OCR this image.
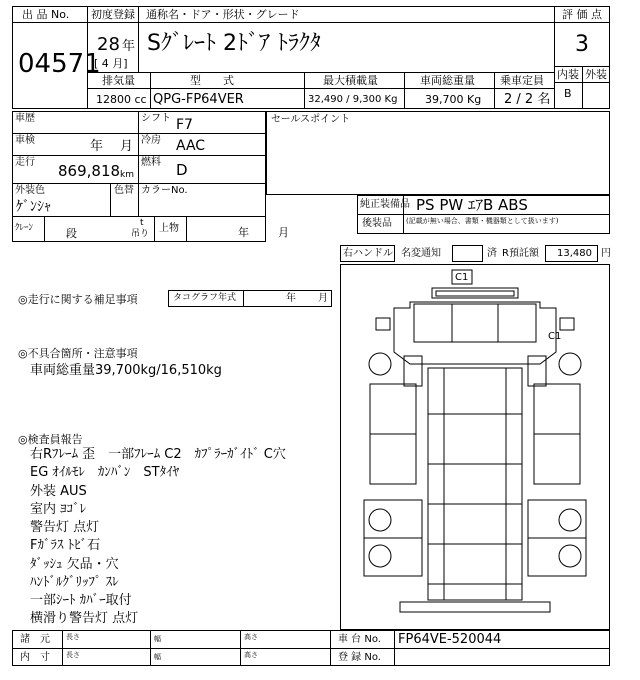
出 品 No.
04571
初度登録 通称名・ドア・形状・グレード
28 年
[ 4 月]
Sｸﾞﾚｰﾄ 2ﾄﾞｱ ﾄﾗｸﾀ
評 価 点
3
内装 外装
B
排気量	型　　式	最大積載量	車両総重量 乗車定員
12800 cc QPG-FP64VER	32,490 / 9,300 Kg	39,700 Kg 2 / 2 名
車歴	シフト F7
車検	年 月 冷房 AAC
走行 869,818 km
燃料 D
外装色
ｹﾞﾝｼｬ
色替 カラーNo.
ｸﾚｰﾝ	段
t
吊り 上物	年	月
セールスポイント
純正装備品 PS PW ｴｱB ABS
後装品 (記載が無い場合、書類・機器類として扱います)
右ハンドル 名変通知	済 R預託額 13,480 円
◎走行に関する補足事項	タコグラフ年式	年 月
◎不具合箇所・注意事項
車両総重量39,700kg/16,510kg
◎検査員報告
右Rﾌﾚｰﾑ 歪　一部ﾌﾚｰﾑ C2　ｶﾌﾟﾗｰｶﾞｲﾄﾞ C穴
EG ｵｲﾙﾓﾚ　ｶﾝﾊﾞﾝ　STﾀｲﾔ
外装 AUS
室内 ﾖｺﾞﾚ
警告灯 点灯
Fｶﾞﾗｽ ﾄﾋﾞ石
ﾀﾞｯｼｭ 欠品・穴
ﾊﾝﾄﾞﾙｸﾞﾘｯﾌﾟ ｽﾚ
一部ｼｰﾄ ｶﾊﾞｰ取付
横滑り警告灯 点灯
C1
C1
諸　元
内　寸
長さ
長さ
幅
幅
高さ
高さ
車 台 No. FP64VE-520044
登 録 No.
